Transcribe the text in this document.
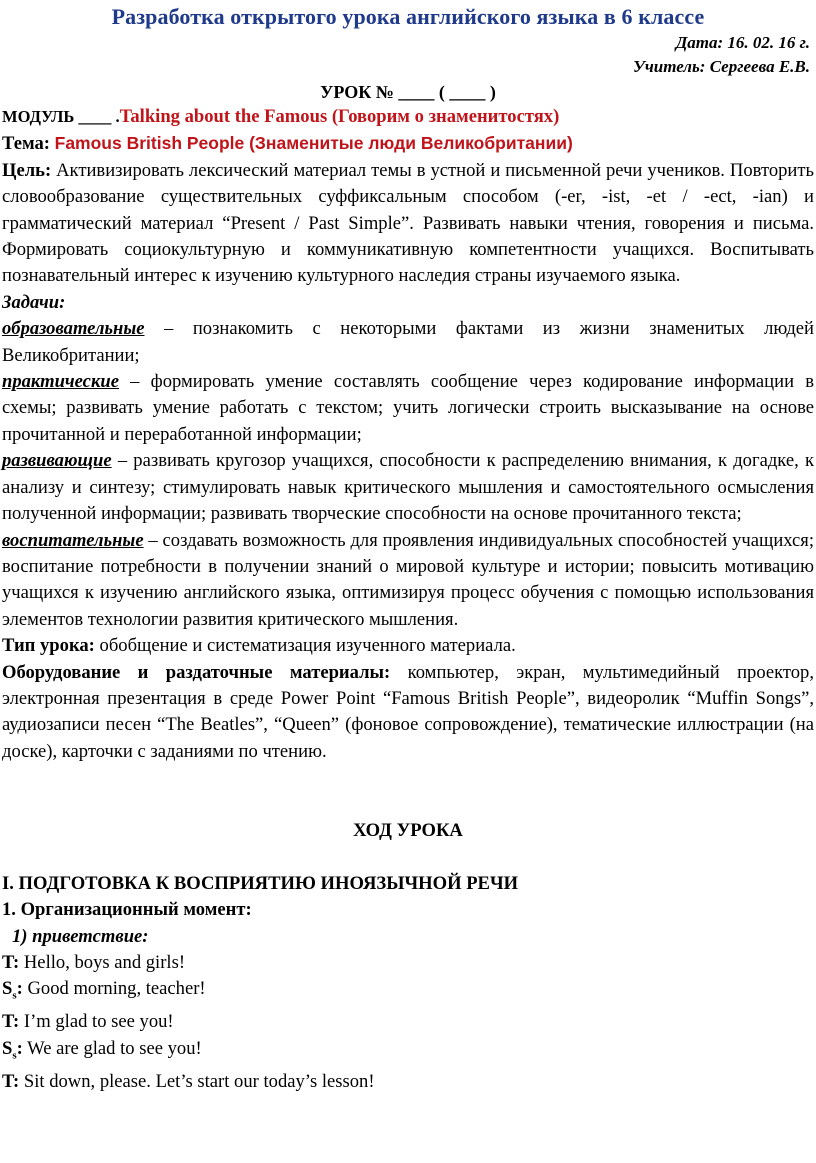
Разработка открытого урока английского языка в 6 классе
Дата: 16. 02. 16 г.
Учитель: Сергеева Е.В.
УРОК № ____ ( ____ )

МОДУЛЬ ____ .Talking about the Famous (Говорим о знаменитостях)

Тема: Famous British People (Знаменитые люди Великобритании)

Цель: Активизировать лексический материал темы в устной и письменной речи учеников. Повторить словообразование существительных суффиксальным способом (-er, -ist, -et / -ect, -ian) и грамматический материал “Present / Past Simple”. Развивать навыки чтения, говорения и письма. Формировать социокультурную и коммуникативную компетентности учащихся. Воспитывать познавательный интерес к изучению культурного наследия страны изучаемого языка.

Задачи:

образовательные – познакомить с некоторыми фактами из жизни знаменитых людей Великобритании;

практические – формировать умение составлять сообщение через кодирование информации в схемы; развивать умение работать с текстом; учить логически строить высказывание на основе прочитанной и переработанной информации;

развивающие – развивать кругозор учащихся, способности к распределению внимания, к догадке, к анализу и синтезу; стимулировать навык критического мышления и самостоятельного осмысления полученной информации; развивать творческие способности на основе прочитанного текста;

воспитательные – создавать возможность для проявления индивидуальных способностей учащихся; воспитание потребности в получении знаний о мировой культуре и истории; повысить мотивацию учащихся к изучению английского языка, оптимизируя процесс обучения с помощью использования элементов технологии развития критического мышления.

Тип урока: обобщение и систематизация изученного материала.

Оборудование и раздаточные материалы: компьютер, экран, мультимедийный проектор, электронная презентация в среде Power Point “Famous British People”, видеоролик “Muffin Songs”, аудиозаписи песен “The Beatles”, “Queen” (фоновое сопровождение), тематические иллюстрации (на доске), карточки с заданиями по чтению.

ХОД УРОКА

I. ПОДГОТОВКА К ВОСПРИЯТИЮ ИНОЯЗЫЧНОЙ РЕЧИ

1. Организационный момент:

1) приветствие:

T: Hello, boys and girls!

$S_s$: Good morning, teacher!

T: I’m glad to see you!

$S_s$: We are glad to see you!

T: Sit down, please. Let’s start our today’s lesson!
